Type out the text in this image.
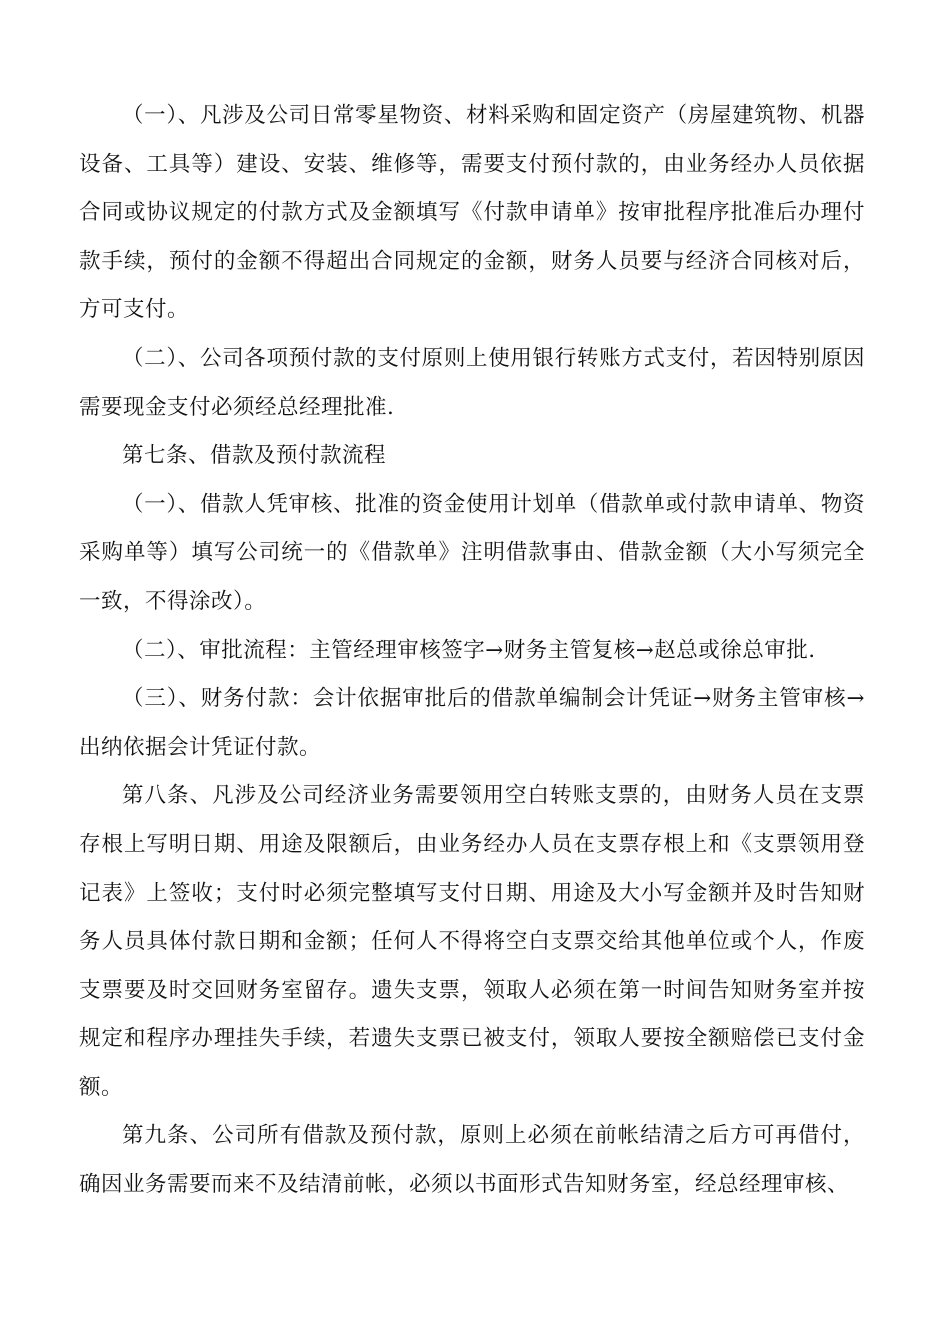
（一）、凡涉及公司日常零星物资、材料采购和固定资产（房屋建筑物、机器设备、工具等）建设、安装、维修等，需要支付预付款的，由业务经办人员依据合同或协议规定的付款方式及金额填写《付款申请单》按审批程序批准后办理付款手续，预付的金额不得超出合同规定的金额，财务人员要与经济合同核对后，方可支付。

（二）、公司各项预付款的支付原则上使用银行转账方式支付，若因特别原因需要现金支付必须经总经理批准.

第七条、借款及预付款流程

（一）、借款人凭审核、批准的资金使用计划单（借款单或付款申请单、物资采购单等）填写公司统一的《借款单》注明借款事由、借款金额（大小写须完全一致，不得涂改）。

（二）、审批流程：主管经理审核签字→财务主管复核→赵总或徐总审批.

（三）、财务付款：会计依据审批后的借款单编制会计凭证→财务主管审核→出纳依据会计凭证付款。

第八条、凡涉及公司经济业务需要领用空白转账支票的，由财务人员在支票存根上写明日期、用途及限额后，由业务经办人员在支票存根上和《支票领用登记表》上签收；支付时必须完整填写支付日期、用途及大小写金额并及时告知财务人员具体付款日期和金额；任何人不得将空白支票交给其他单位或个人，作废支票要及时交回财务室留存。遗失支票，领取人必须在第一时间告知财务室并按规定和程序办理挂失手续，若遗失支票已被支付，领取人要按全额赔偿已支付金额。

第九条、公司所有借款及预付款，原则上必须在前帐结清之后方可再借付，确因业务需要而来不及结清前帐，必须以书面形式告知财务室，经总经理审核、
